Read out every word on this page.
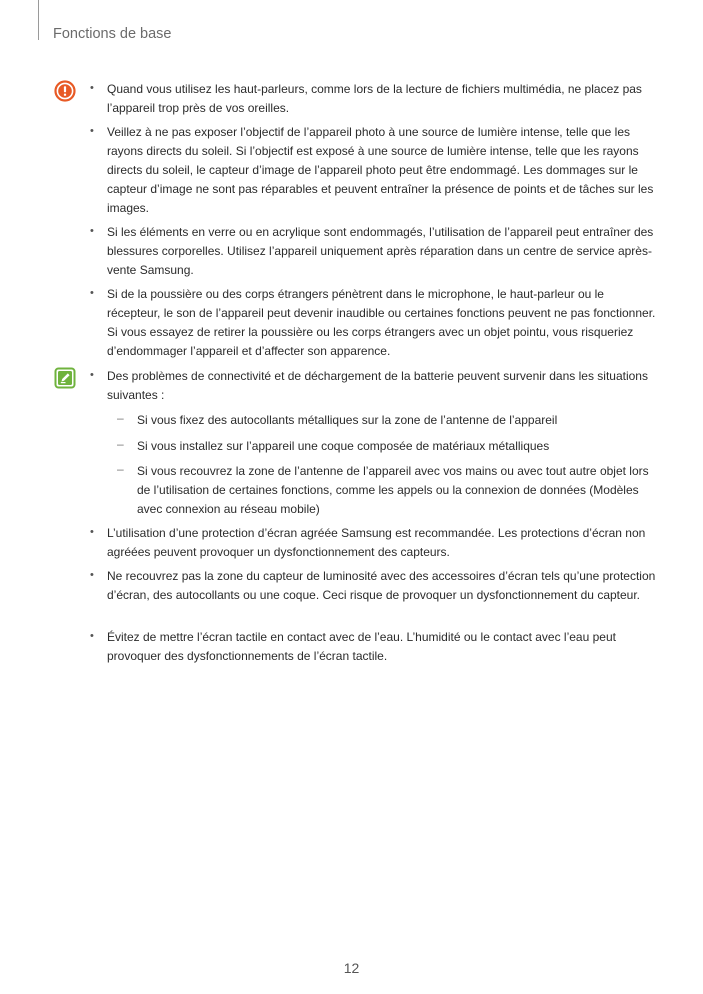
Fonctions de base
• Quand vous utilisez les haut-parleurs, comme lors de la lecture de fichiers multimédia, ne placez pas l’appareil trop près de vos oreilles.
• Veillez à ne pas exposer l’objectif de l’appareil photo à une source de lumière intense, telle que les rayons directs du soleil. Si l’objectif est exposé à une source de lumière intense, telle que les rayons directs du soleil, le capteur d’image de l’appareil photo peut être endommagé. Les dommages sur le capteur d’image ne sont pas réparables et peuvent entraîner la présence de points et de tâches sur les images.
• Si les éléments en verre ou en acrylique sont endommagés, l’utilisation de l’appareil peut entraîner des blessures corporelles. Utilisez l’appareil uniquement après réparation dans un centre de service après-vente Samsung.
• Si de la poussière ou des corps étrangers pénètrent dans le microphone, le haut-parleur ou le récepteur, le son de l’appareil peut devenir inaudible ou certaines fonctions peuvent ne pas fonctionner. Si vous essayez de retirer la poussière ou les corps étrangers avec un objet pointu, vous risqueriez d’endommager l’appareil et d’affecter son apparence.
• Des problèmes de connectivité et de déchargement de la batterie peuvent survenir dans les situations suivantes :
– Si vous fixez des autocollants métalliques sur la zone de l’antenne de l’appareil
– Si vous installez sur l’appareil une coque composée de matériaux métalliques
– Si vous recouvrez la zone de l’antenne de l’appareil avec vos mains ou avec tout autre objet lors de l’utilisation de certaines fonctions, comme les appels ou la connexion de données (Modèles avec connexion au réseau mobile)
• L’utilisation d’une protection d’écran agréée Samsung est recommandée. Les protections d’écran non agréées peuvent provoquer un dysfonctionnement des capteurs.
• Ne recouvrez pas la zone du capteur de luminosité avec des accessoires d’écran tels qu’une protection d’écran, des autocollants ou une coque. Ceci risque de provoquer un dysfonctionnement du capteur.
• Évitez de mettre l’écran tactile en contact avec de l’eau. L’humidité ou le contact avec l’eau peut provoquer des dysfonctionnements de l’écran tactile.
12
